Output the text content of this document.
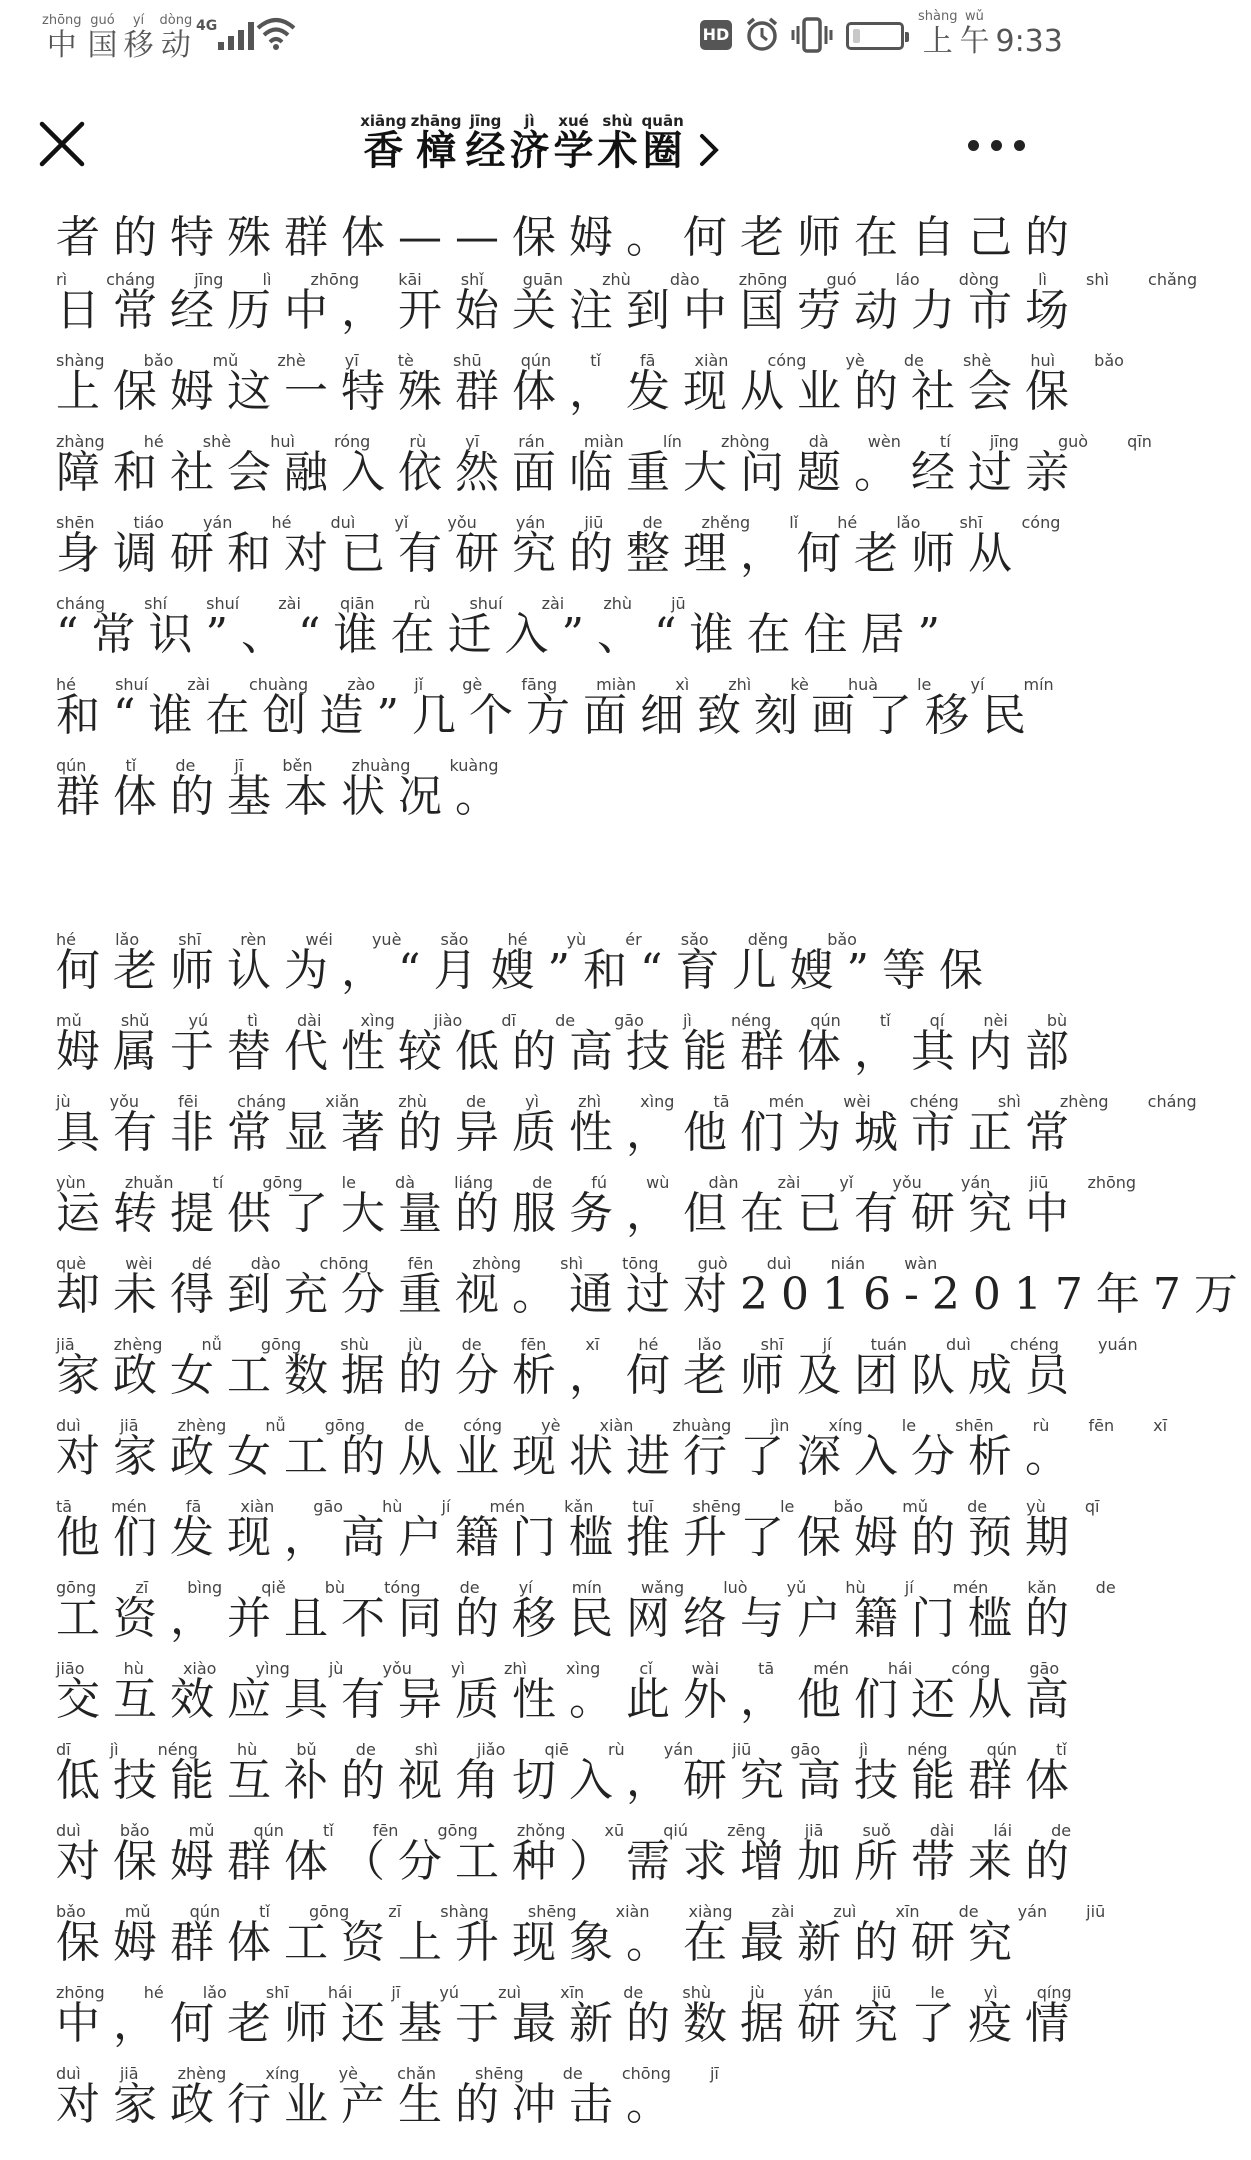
zhōng
中
guó
国
yí
移
dòng
动
4G	HD
shàng
上
wǔ
午 9:33
xiāng
香
zhāng
樟
jīng
经
jì
济
xué
学
shù
术
quān
圈
者的特殊群体——保姆。何老师在自己的
rì cháng jīng lì zhōng kāi shǐ guān zhù dào zhōng guó láo dòng lì shì chǎng
日常经历中，开始关注到中国劳动力市场
shàng bǎo mǔ zhè yī tè shū qún tǐ fā xiàn cóng yè de shè huì bǎo
上保姆这一特殊群体，发现从业的社会保
zhàng hé shè huì róng rù yī rán miàn lín zhòng dà wèn tí jīng guò qīn
障和社会融入依然面临重大问题。经过亲
shēn tiáo yán hé duì yǐ yǒu yán jiū de zhěng lǐ hé lǎo shī cóng
身调研和对已有研究的整理，何老师从
cháng shí shuí zài qiān rù shuí zài zhù jū
“常识”、“谁在迁入”、“谁在住居”
hé shuí zài chuàng zào jǐ gè fāng miàn xì zhì kè huà le yí mín
和“谁在创造”几个方面细致刻画了移民
qún tǐ de jī běn zhuàng kuàng
群体的基本状况。
hé lǎo shī rèn wéi yuè sǎo hé yù ér sǎo děng bǎo
何老师认为，“月嫂”和“育儿嫂”等保
mǔ shǔ yú tì dài xìng jiào dī de gāo jì néng qún tǐ qí nèi bù
姆属于替代性较低的高技能群体，其内部
jù yǒu fēi cháng xiǎn zhù de yì zhì xìng tā mén wèi chéng shì zhèng cháng
具有非常显著的异质性，他们为城市正常
yùn zhuǎn tí gōng le dà liáng de fú wù dàn zài yǐ yǒu yán jiū zhōng
运转提供了大量的服务，但在已有研究中
què wèi dé dào chōng fēn zhòng shì tōng guò duì nián wàn
却未得到充分重视。通过对2016-2017年7万
jiā zhèng nǚ gōng shù jù de fēn xī hé lǎo shī jí tuán duì chéng yuán
家政女工数据的分析，何老师及团队成员
duì jiā zhèng nǚ gōng de cóng yè xiàn zhuàng jìn xíng le shēn rù fēn xī
对家政女工的从业现状进行了深入分析。
tā mén fā xiàn gāo hù jí mén kǎn tuī shēng le bǎo mǔ de yù qī
他们发现，高户籍门槛推升了保姆的预期
gōng zī bìng qiě bù tóng de yí mín wǎng luò yǔ hù jí mén kǎn de
工资，并且不同的移民网络与户籍门槛的
jiāo hù xiào yìng jù yǒu yì zhì xìng cǐ wài tā mén hái cóng gāo
交互效应具有异质性。此外，他们还从高
dī jì néng hù bǔ de shì jiǎo qiē rù yán jiū gāo jì néng qún tǐ
低技能互补的视角切入，研究高技能群体
duì bǎo mǔ qún tǐ fēn gōng zhǒng xū qiú zēng jiā suǒ dài lái de
对保姆群体（分工种）需求增加所带来的
bǎo mǔ qún tǐ gōng zī shàng shēng xiàn xiàng zài zuì xīn de yán jiū
保姆群体工资上升现象。在最新的研究
zhōng hé lǎo shī hái jī yú zuì xīn de shù jù yán jiū le yì qíng
中，何老师还基于最新的数据研究了疫情
duì jiā zhèng xíng yè chǎn shēng de chōng jī
对家政行业产生的冲击。
